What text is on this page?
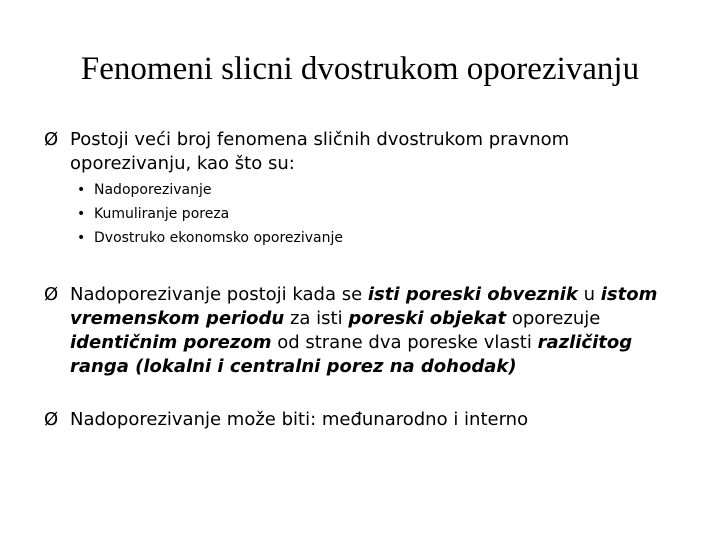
Fenomeni slicni dvostrukom oporezivanju
Ø Postoji veći broj fenomena sličnih dvostrukom pravnom oporezivanju, kao što su:
• Nadoporezivanje
• Kumuliranje poreza
• Dvostruko ekonomsko oporezivanje
Ø Nadoporezivanje postoji kada se isti poreski obveznik u istom vremenskom periodu za isti poreski objekat oporezuje identičnim porezom od strane dva poreske vlasti različitog ranga (lokalni i centralni porez na dohodak)
Ø Nadoporezivanje može biti: međunarodno i interno
